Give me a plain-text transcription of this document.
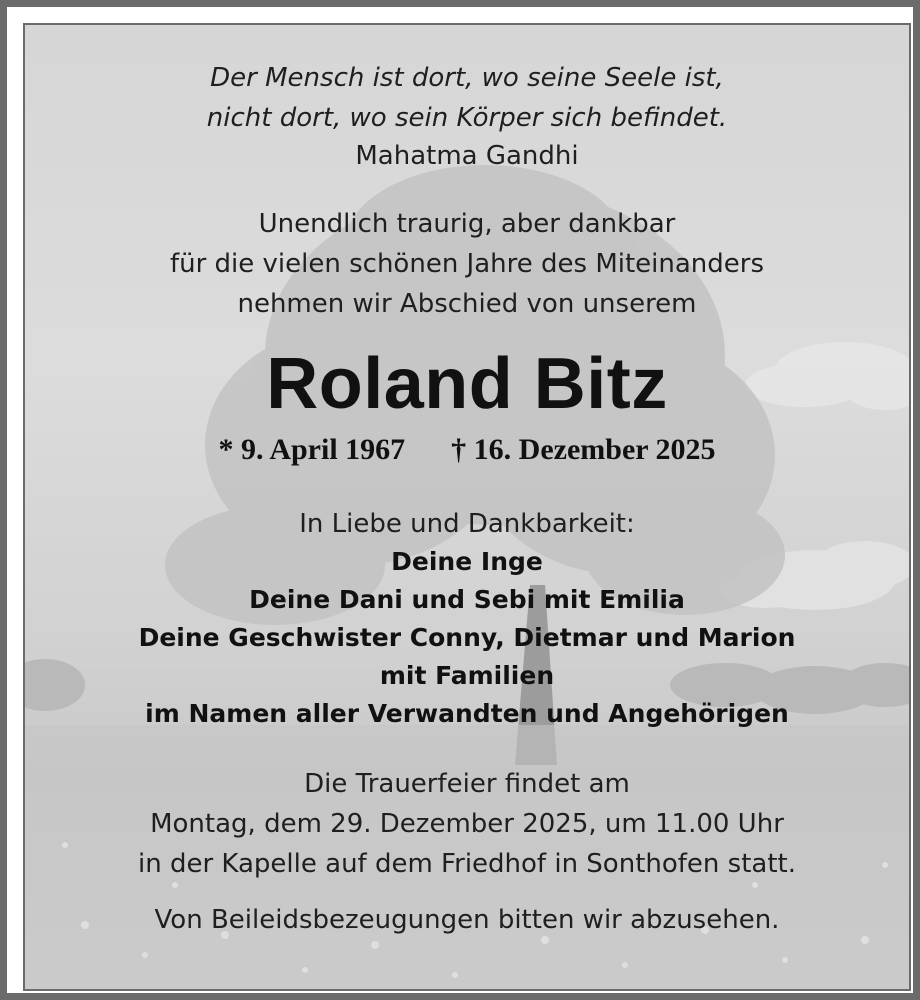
Der Mensch ist dort, wo seine Seele ist,
nicht dort, wo sein Körper sich befindet.
Mahatma Gandhi
Unendlich traurig, aber dankbar
für die vielen schönen Jahre des Miteinanders
nehmen wir Abschied von unserem
Roland Bitz
* 9. April 1967 † 16. Dezember 2025
In Liebe und Dankbarkeit:
Deine Inge
Deine Dani und Sebi mit Emilia
Deine Geschwister Conny, Dietmar und Marion
mit Familien
im Namen aller Verwandten und Angehörigen
Die Trauerfeier findet am
Montag, dem 29. Dezember 2025, um 11.00 Uhr
in der Kapelle auf dem Friedhof in Sonthofen statt.
Von Beileidsbezeugungen bitten wir abzusehen.
